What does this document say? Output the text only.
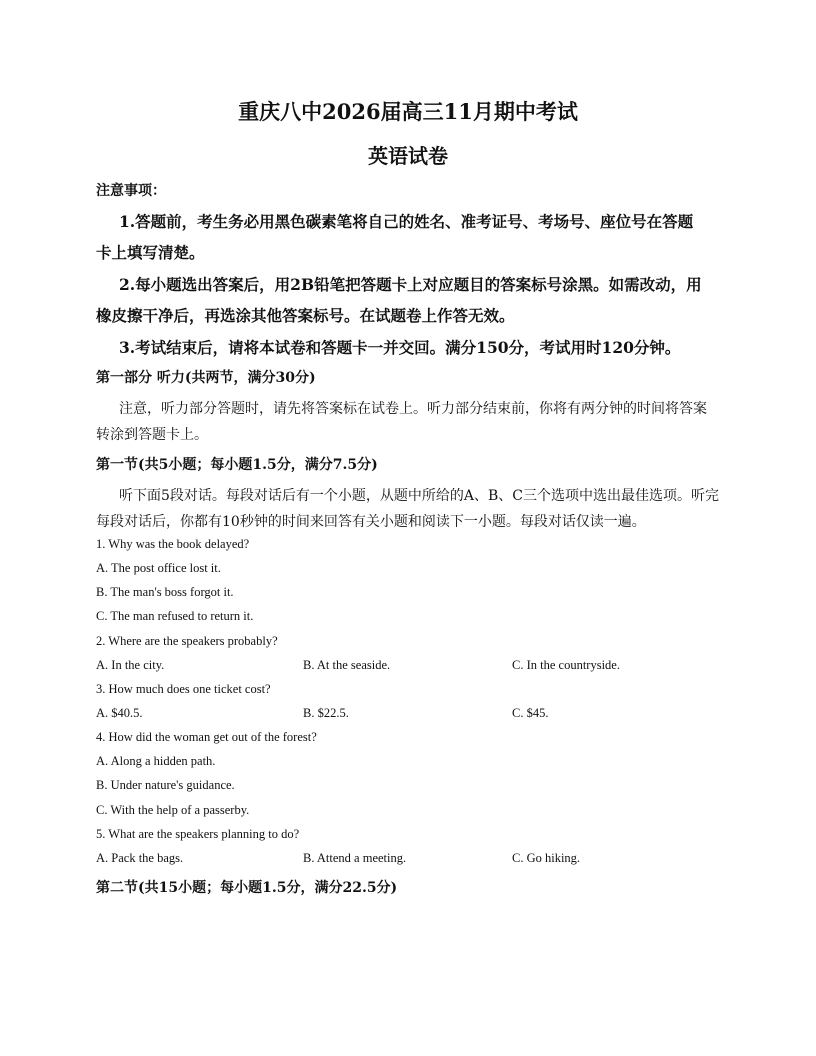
重庆八中2026届高三11月期中考试
英语试卷
注意事项：
1.答题前，考生务必用黑色碳素笔将自己的姓名、准考证号、考场号、座位号在答题
卡上填写清楚。
2.每小题选出答案后，用2B铅笔把答题卡上对应题目的答案标号涂黑。如需改动，用
橡皮擦干净后，再选涂其他答案标号。在试题卷上作答无效。
3.考试结束后，请将本试卷和答题卡一并交回。满分150分，考试用时120分钟。
第一部分 听力(共两节，满分30分)
注意，听力部分答题时，请先将答案标在试卷上。听力部分结束前，你将有两分钟的时间将答案
转涂到答题卡上。
第一节(共5小题；每小题1.5分，满分7.5分)
听下面5段对话。每段对话后有一个小题，从题中所给的A、B、C三个选项中选出最佳选项。听完
每段对话后，你都有10秒钟的时间来回答有关小题和阅读下一小题。每段对话仅读一遍。
1. Why was the book delayed?
A. The post office lost it.
B. The man's boss forgot it.
C. The man refused to return it.
2. Where are the speakers probably?
A. In the city.	B. At the seaside.	C. In the countryside.
3. How much does one ticket cost?
A. $40.5.	B. $22.5.	C. $45.
4. How did the woman get out of the forest?
A. Along a hidden path.
B. Under nature's guidance.
C. With the help of a passerby.
5. What are the speakers planning to do?
A. Pack the bags.	B. Attend a meeting.	C. Go hiking.
第二节(共15小题；每小题1.5分，满分22.5分)
